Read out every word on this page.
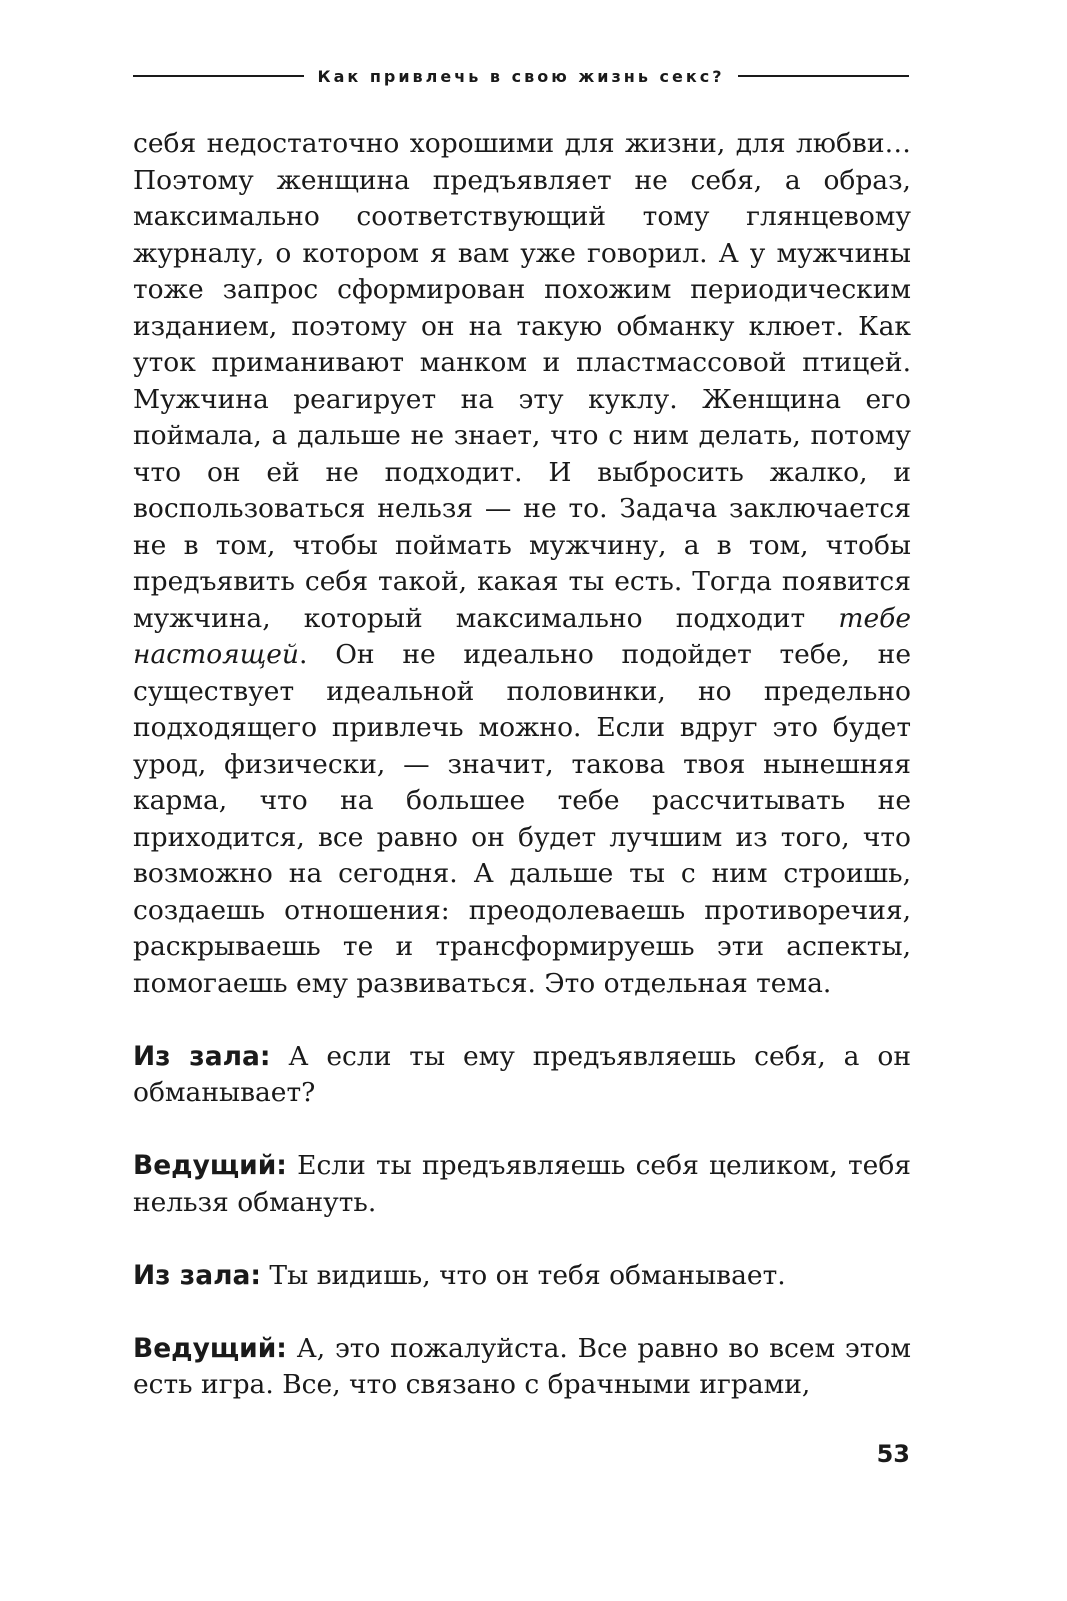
Как привлечь в свою жизнь секс?

себя недостаточно хорошими для жизни, для любви… Поэтому женщина предъявляет не себя, а образ, максимально соответствующий тому глянцевому журналу, о котором я вам уже говорил. А у мужчины тоже запрос сформирован похожим периодическим изданием, поэтому он на такую обманку клюет. Как уток приманивают манком и пластмассовой птицей. Мужчина реагирует на эту куклу. Женщина его поймала, а дальше не знает, что с ним делать, потому что он ей не подходит. И выбросить жалко, и воспользоваться нельзя — не то. Задача заключается не в том, чтобы поймать мужчину, а в том, чтобы предъявить себя такой, какая ты есть. Тогда появится мужчина, который максимально подходит тебе настоящей. Он не идеально подойдет тебе, не существует идеальной половинки, но предельно подходящего привлечь можно. Если вдруг это будет урод, физически, — значит, такова твоя нынешняя карма, что на большее тебе рассчитывать не приходится, все равно он будет лучшим из того, что возможно на сегодня. А дальше ты с ним строишь, создаешь отношения: преодолеваешь противоречия, раскрываешь те и трансформируешь эти аспекты, помогаешь ему развиваться. Это отдельная тема.

Из зала: А если ты ему предъявляешь себя, а он обманывает?

Ведущий: Если ты предъявляешь себя целиком, тебя нельзя обмануть.

Из зала: Ты видишь, что он тебя обманывает.

Ведущий: А, это пожалуйста. Все равно во всем этом есть игра. Все, что связано с брачными играми,

53
